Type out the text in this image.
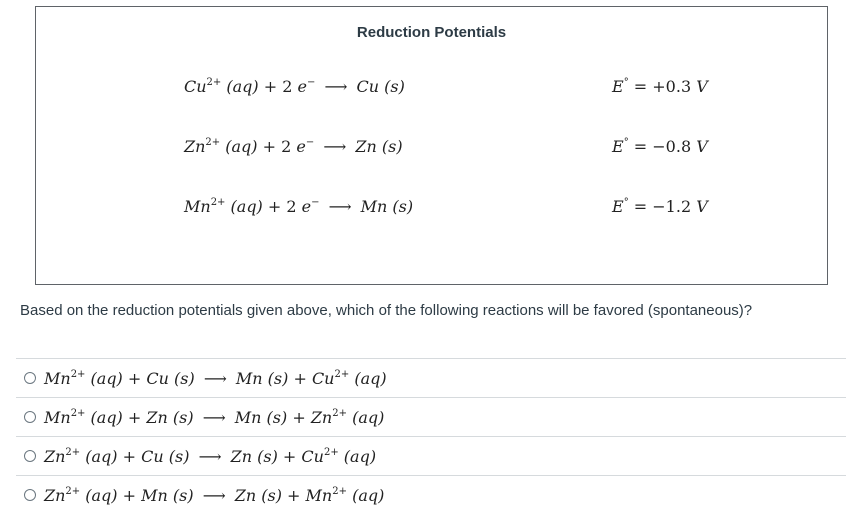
Reduction Potentials
$Cu^{2+}$ (aq) + 2 e− ⟶ Cu (s)	E° = +0.3 V
$Zn^{2+}$ (aq) + 2 e− ⟶ Zn (s)	E° = −0.8 V
$Mn^{2+}$ (aq) + 2 e− ⟶ Mn (s)	E° = −1.2 V
Based on the reduction potentials given above, which of the following reactions will be favored (spontaneous)?
$Mn^{2+}$ (aq) + Cu (s) ⟶ Mn $(s) + Cu^{2+}$ (aq)
$Mn^{2+}$ (aq) + Zn (s) ⟶ Mn $(s) + Zn^{2+}$ (aq)
$Zn^{2+}$ (aq) + Cu (s) ⟶ Zn $(s) + Cu^{2+}$ (aq)
$Zn^{2+}$ (aq) + Mn (s) ⟶ Zn $(s) + Mn^{2+}$ (aq)
